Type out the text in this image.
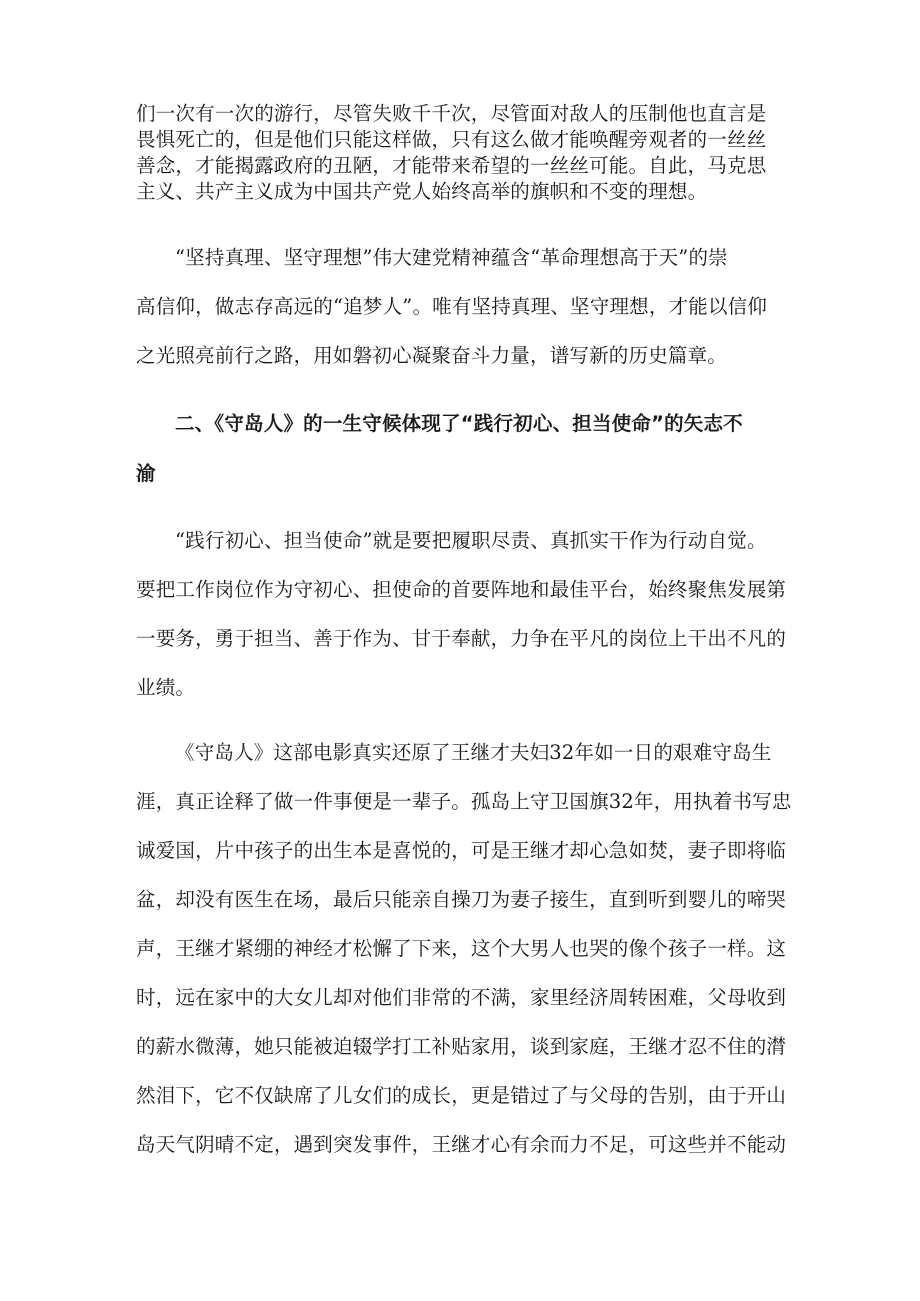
们一次有一次的游行，尽管失败千千次，尽管面对敌人的压制他也直言是
畏惧死亡的，但是他们只能这样做，只有这么做才能唤醒旁观者的一丝丝
善念，才能揭露政府的丑陋，才能带来希望的一丝丝可能。自此，马克思
主义、共产主义成为中国共产党人始终高举的旗帜和不变的理想。
“坚持真理、坚守理想”伟大建党精神蕴含“革命理想高于天”的崇
高信仰，做志存高远的“追梦人”。唯有坚持真理、坚守理想，才能以信仰
之光照亮前行之路，用如磐初心凝聚奋斗力量，谱写新的历史篇章。
二、《守岛人》的一生守候体现了“践行初心、担当使命”的矢志不
渝
“践行初心、担当使命”就是要把履职尽责、真抓实干作为行动自觉。
要把工作岗位作为守初心、担使命的首要阵地和最佳平台，始终聚焦发展第
一要务，勇于担当、善于作为、甘于奉献，力争在平凡的岗位上干出不凡的
业绩。
《守岛人》这部电影真实还原了王继才夫妇32年如一日的艰难守岛生
涯，真正诠释了做一件事便是一辈子。孤岛上守卫国旗32年，用执着书写忠
诚爱国，片中孩子的出生本是喜悦的，可是王继才却心急如焚，妻子即将临
盆，却没有医生在场，最后只能亲自操刀为妻子接生，直到听到婴儿的啼哭
声，王继才紧绷的神经才松懈了下来，这个大男人也哭的像个孩子一样。这
时，远在家中的大女儿却对他们非常的不满，家里经济周转困难，父母收到
的薪水微薄，她只能被迫辍学打工补贴家用，谈到家庭，王继才忍不住的潸
然泪下，它不仅缺席了儿女们的成长，更是错过了与父母的告别，由于开山
岛天气阴晴不定，遇到突发事件，王继才心有余而力不足，可这些并不能动
